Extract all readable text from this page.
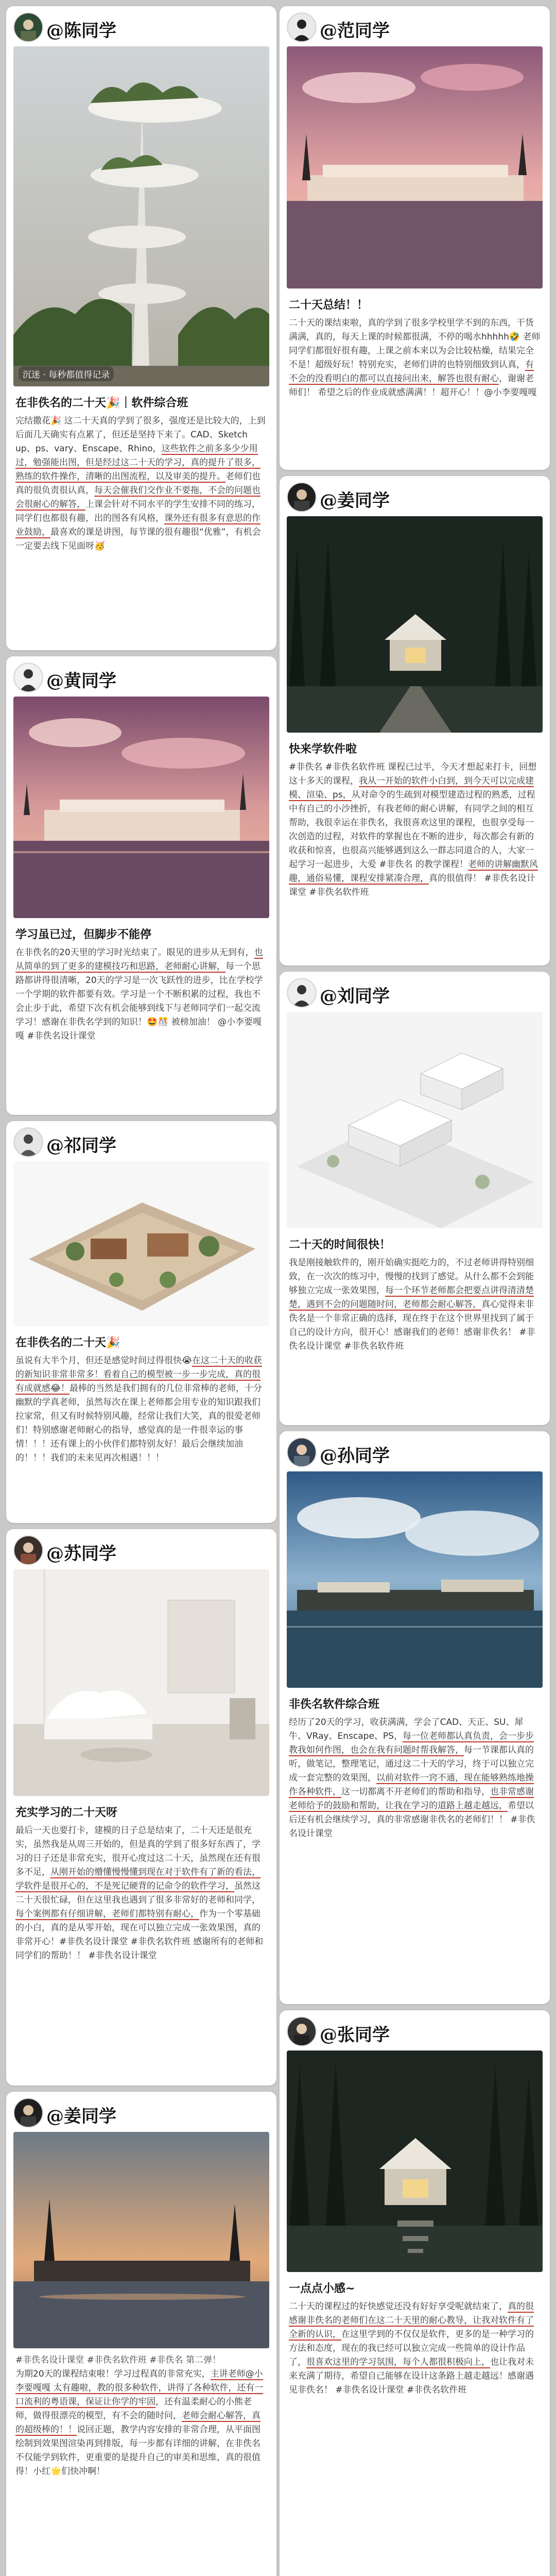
@陈同学
沉迷 · 每秒都值得记录
在非佚名的二十天🎉｜软件综合班

完结撒花🎉 这二十天真的学到了很多，强度还是比较大的，上到后面几天确实有点累了，但还是坚持下来了。CAD、Sketch up、ps、vary、Enscape、Rhino，这些软件之前多多少少用过，勉强能出图，但是经过这二十天的学习，真的提升了很多，熟练的软件操作，清晰的出图流程，以及审美的提升。老师们也真的很负责很认真，每天会催我们交作业不要拖，不会的问题也会很耐心的解答，上课会针对不同水平的学生安排不同的练习，同学们也都很有趣，出的图各有风格，课外还有很多有意思的作业鼓励，最喜欢的课是讲图，每节课的很有趣很“优雅”，有机会一定要去线下见面呀🥳

@黄同学
学习虽已过，但脚步不能停

在非佚名的20天里的学习时光结束了。眼见的进步从无到有，也从简单的到了更多的建模技巧和思路，老师耐心讲解，每一个思路都讲得很清晰，20天的学习是一次飞跃性的进步，比在学校学一个学期的软件都要有效。学习是一个不断积累的过程，我也不会止步于此，希望下次有机会能够到线下与老师同学们一起交流学习！感谢在非佚名学到的知识！🤩🎊 被榜加油！ @小李要嘎嘎 #非佚名设计课堂

@祁同学
在非佚名的二十天🎉

虽说有大半个月，但还是感觉时间过得很快😭在这二十天的收获的新知识非常非常多！看着自己的模型被一步一步完成，真的很有成就感😂！最棒的当然是我们拥有的几位非常棒的老师，十分幽默的学真老师，虽然每次在课上老师都会用专业的知识跟我们拉家常，但又有时候特别风趣，经常让我们大笑，真的很爱老师们！特别感谢老师耐心的指导，感觉真的是一件很幸运的事情！！！还有课上的小伙伴们都特别友好！最后会继续加油的！！！我们的未来见再次相遇！！！

@苏同学
充实学习的二十天呀

最后一天也要打卡，建模的日子总是结束了，二十天还是很充实，虽然我是从周三开始的，但是真的学到了很多好东西了，学习的日子还是非常充实，很开心度过这二十天，虽然现在还有很多不足，从刚开始的懵懂慢慢懂到现在对于软件有了新的看法，学软件是很开心的，不是死记硬背的记命令的软件学习，虽然这二十天很忙碌，但在这里我也遇到了很多非常好的老师和同学，每个案例都有仔细讲解，老师们都特别有耐心，作为一个零基础的小白，真的是从零开始，现在可以独立完成一张效果图，真的非常开心！#非佚名设计课堂 #非佚名软件班 感谢所有的老师和同学们的帮助！！ #非佚名设计课堂

@姜同学

#非佚名设计课堂 #非佚名软件班 #非佚名 第二弹！
为期20天的课程结束啦！学习过程真的非常充实，主讲老师@小李要嘎嘎 太有趣啦，教的很多种软件，讲得了各种软件，还有一口流利的粤语课，保证让你学的牢固，还有温柔耐心的小熊老师，做得很漂亮的模型，有不会的随时问，老师会耐心解答，真的超级棒的！！说回正题，教学内容安排的非常合理，从平面图绘制到效果图渲染再到排版，每一步都有详细的讲解，在非佚名不仅能学到软件，更重要的是提升自己的审美和思维，真的很值得！小红🌟们快冲啊！

@范同学
二十天总结！！

二十天的课结束啦，真的学到了很多学校里学不到的东西，干货满满，真的，每天上课的时候都很满，不停的喝水hhhhh🤣 老师同学们都很好很有趣，上课之前本来以为会比较枯燥，结果完全不是！超级好玩！特别充实，老师们讲的也特别细致到认真，有不会的没看明白的都可以直接问出来，解答也很有耐心，谢谢老师们！ 希望之后的作业成就感满满！！超开心！！@小李要嘎嘎

@姜同学
快来学软件啦

#非佚名 #非佚名软件班 课程已过半，今天才想起来打卡，回想这十多天的课程，我从一开始的软件小白到，到今天可以完成建模、渲染、ps，从对命令的生疏到对模型建造过程的熟悉，过程中有自己的小沙挫折，有我老师的耐心讲解，有同学之间的相互帮助，我很幸运在非佚名，我很喜欢这里的课程，也很享受每一次创造的过程，对软件的掌握也在不断的进步，每次都会有新的收获和惊喜，也很高兴能够遇到这么一群志同道合的人，大家一起学习一起进步，大爱 #非佚名 的教学课程！老师的讲解幽默风趣，通俗易懂，课程安排紧凑合理，真的很值得！ #非佚名设计课堂 #非佚名软件班

@刘同学
二十天的时间很快！

我是刚接触软件的，刚开始确实挺吃力的，不过老师讲得特别细致，在一次次的练习中，慢慢的找到了感觉。从什么都不会到能够独立完成一张效果图，每一个环节老师都会把要点讲得清清楚楚，遇到不会的问题随时问，老师都会耐心解答，真心觉得来非佚名是一个非常正确的选择，现在终于在这个世界里找到了属于自己的设计方向，很开心！感谢我们的老师！感谢非佚名！ #非佚名设计课堂 #非佚名软件班

@孙同学
非佚名软件综合班

经历了20天的学习，收获满满，学会了CAD、天正、SU、犀牛、VRay、Enscape、PS，每一位老师都认真负责，会一步步教我如何作图，也会在我有问题时帮我解答，每一节课都认真的听，做笔记，整理笔记，通过这二十天的学习，终于可以独立完成一套完整的效果图，以前对软件一窍不通，现在能够熟练地操作各种软件，这一切都离不开老师们的帮助和指导，也非常感谢老师给予的鼓励和帮助，让我在学习的道路上越走越远，希望以后还有机会继续学习，真的非常感谢非佚名的老师们！！ #非佚名设计课堂

@张同学
一点点小感~

二十天的课程过的好快感觉还没有好好享受呢就结束了，真的很感谢非佚名的老师们在这二十天里的耐心教导，让我对软件有了全新的认识，在这里学到的不仅仅是软件，更多的是一种学习的方法和态度，现在的我已经可以独立完成一些简单的设计作品了，很喜欢这里的学习氛围，每个人都很积极向上，也让我对未来充满了期待，希望自己能够在设计这条路上越走越远！感谢遇见非佚名！ #非佚名设计课堂 #非佚名软件班
